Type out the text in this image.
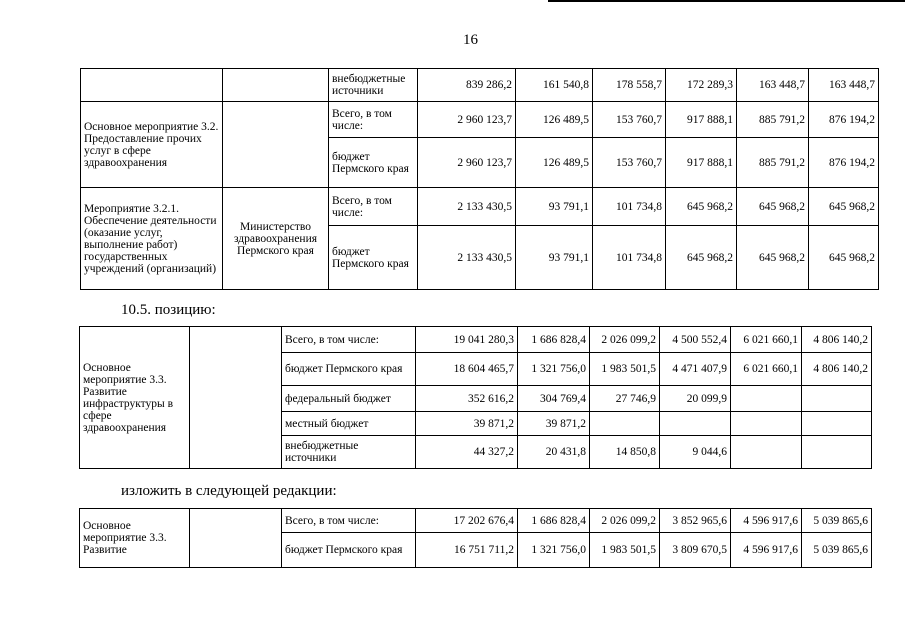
16
		внебюджетные источники	839 286,2	161 540,8	178 558,7	172 289,3	163 448,7	163 448,7
Основное мероприятие 3.2. Предоставление прочих услуг в сфере здравоохранения		Всего, в том числе:	2 960 123,7	126 489,5	153 760,7	917 888,1	885 791,2	876 194,2
		бюджет Пермского края	2 960 123,7	126 489,5	153 760,7	917 888,1	885 791,2	876 194,2
Мероприятие 3.2.1. Обеспечение деятельности (оказание услуг, выполнение работ) государственных учреждений (организаций)	Министерство здравоохранения Пермского края	Всего, в том числе:	2 133 430,5	93 791,1	101 734,8	645 968,2	645 968,2	645 968,2
		бюджет Пермского края	2 133 430,5	93 791,1	101 734,8	645 968,2	645 968,2	645 968,2
10.5. позицию:
Основное мероприятие 3.3. Развитие инфраструктуры в сфере здравоохранения		Всего, в том числе:	19 041 280,3	1 686 828,4	2 026 099,2	4 500 552,4	6 021 660,1	4 806 140,2
		бюджет Пермского края	18 604 465,7	1 321 756,0	1 983 501,5	4 471 407,9	6 021 660,1	4 806 140,2
		федеральный бюджет	352 616,2	304 769,4	27 746,9	20 099,9		
		местный бюджет	39 871,2	39 871,2				
		внебюджетные источники	44 327,2	20 431,8	14 850,8	9 044,6		
изложить в следующей редакции:
Основное мероприятие 3.3. Развитие		Всего, в том числе:	17 202 676,4	1 686 828,4	2 026 099,2	3 852 965,6	4 596 917,6	5 039 865,6
		бюджет Пермского края	16 751 711,2	1 321 756,0	1 983 501,5	3 809 670,5	4 596 917,6	5 039 865,6
